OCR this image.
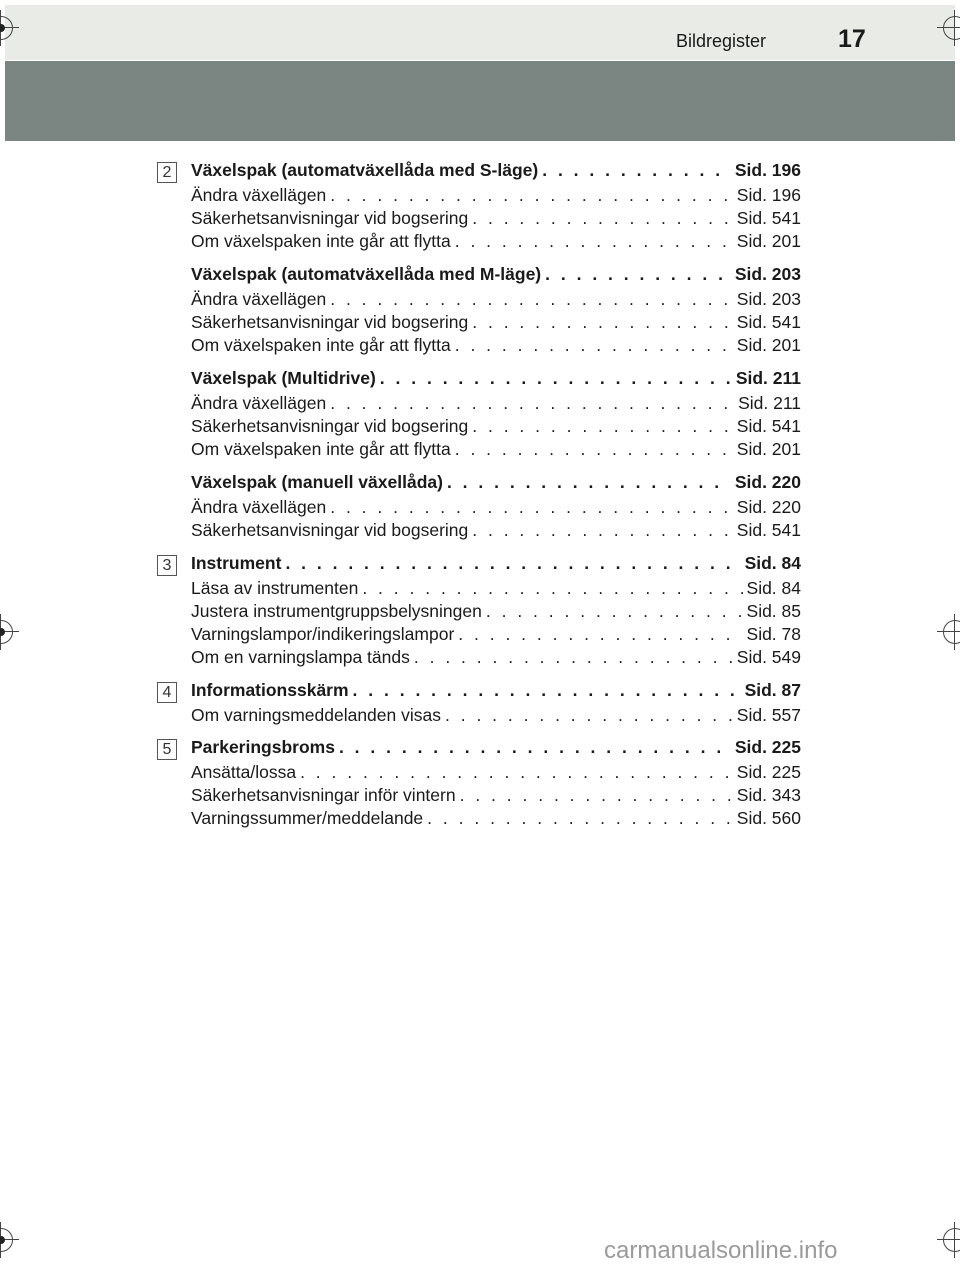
Bildregister	17
2	Växelspak (automatväxellåda med S-läge) . . .	Sid. 196
Ändra växellägen . . .	Sid. 196
Säkerhetsanvisningar vid bogsering . . .	Sid. 541
Om växelspaken inte går att flytta . . .	Sid. 201
Växelspak (automatväxellåda med M-läge) . . .	Sid. 203
Ändra växellägen . . .	Sid. 203
Säkerhetsanvisningar vid bogsering . . .	Sid. 541
Om växelspaken inte går att flytta . . .	Sid. 201
Växelspak (Multidrive) . . .	Sid. 211
Ändra växellägen . . .	Sid. 211
Säkerhetsanvisningar vid bogsering . . .	Sid. 541
Om växelspaken inte går att flytta . . .	Sid. 201
Växelspak (manuell växellåda) . . .	Sid. 220
Ändra växellägen . . .	Sid. 220
Säkerhetsanvisningar vid bogsering . . .	Sid. 541
3	Instrument . . .	Sid. 84
Läsa av instrumenten . . .	Sid. 84
Justera instrumentgruppsbelysningen . . .	Sid. 85
Varningslampor/indikeringslampor . . .	Sid. 78
Om en varningslampa tänds . . .	Sid. 549
4	Informationsskärm . . .	Sid. 87
Om varningsmeddelanden visas . . .	Sid. 557
5	Parkeringsbroms . . .	Sid. 225
Ansätta/lossa . . .	Sid. 225
Säkerhetsanvisningar inför vintern . . .	Sid. 343
Varningssummer/meddelande . . .	Sid. 560
carmanualsonline.info
